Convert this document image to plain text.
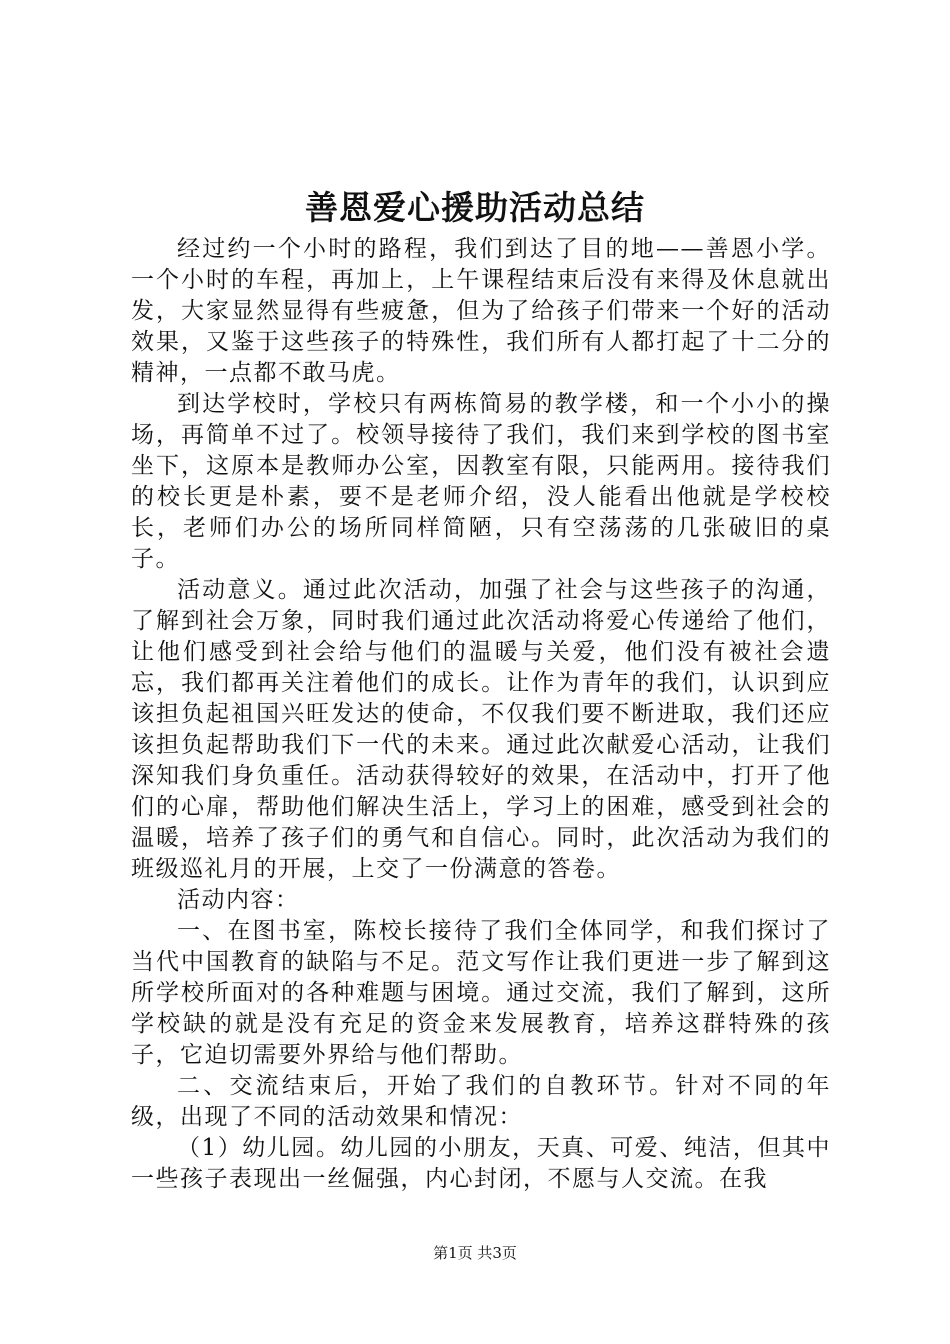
善恩爱心援助活动总结

经过约一个小时的路程，我们到达了目的地——善恩小学。一个小时的车程，再加上，上午课程结束后没有来得及休息就出发，大家显然显得有些疲惫，但为了给孩子们带来一个好的活动效果，又鉴于这些孩子的特殊性，我们所有人都打起了十二分的精神，一点都不敢马虎。

到达学校时，学校只有两栋简易的教学楼，和一个小小的操场，再简单不过了。校领导接待了我们，我们来到学校的图书室坐下，这原本是教师办公室，因教室有限，只能两用。接待我们的校长更是朴素，要不是老师介绍，没人能看出他就是学校校长，老师们办公的场所同样简陋，只有空荡荡的几张破旧的桌子。

活动意义。通过此次活动，加强了社会与这些孩子的沟通，了解到社会万象，同时我们通过此次活动将爱心传递给了他们，让他们感受到社会给与他们的温暖与关爱，他们没有被社会遗忘，我们都再关注着他们的成长。让作为青年的我们，认识到应该担负起祖国兴旺发达的使命，不仅我们要不断进取，我们还应该担负起帮助我们下一代的未来。通过此次献爱心活动，让我们深知我们身负重任。活动获得较好的效果，在活动中，打开了他们的心扉，帮助他们解决生活上，学习上的困难，感受到社会的温暖，培养了孩子们的勇气和自信心。同时，此次活动为我们的班级巡礼月的开展，上交了一份满意的答卷。

活动内容：

一、在图书室，陈校长接待了我们全体同学，和我们探讨了当代中国教育的缺陷与不足。范文写作让我们更进一步了解到这所学校所面对的各种难题与困境。通过交流，我们了解到，这所学校缺的就是没有充足的资金来发展教育，培养这群特殊的孩子，它迫切需要外界给与他们帮助。

二、交流结束后，开始了我们的自教环节。针对不同的年级，出现了不同的活动效果和情况：

（1）幼儿园。幼儿园的小朋友，天真、可爱、纯洁，但其中一些孩子表现出一丝倔强，内心封闭，不愿与人交流。在我

第1页 共3页
